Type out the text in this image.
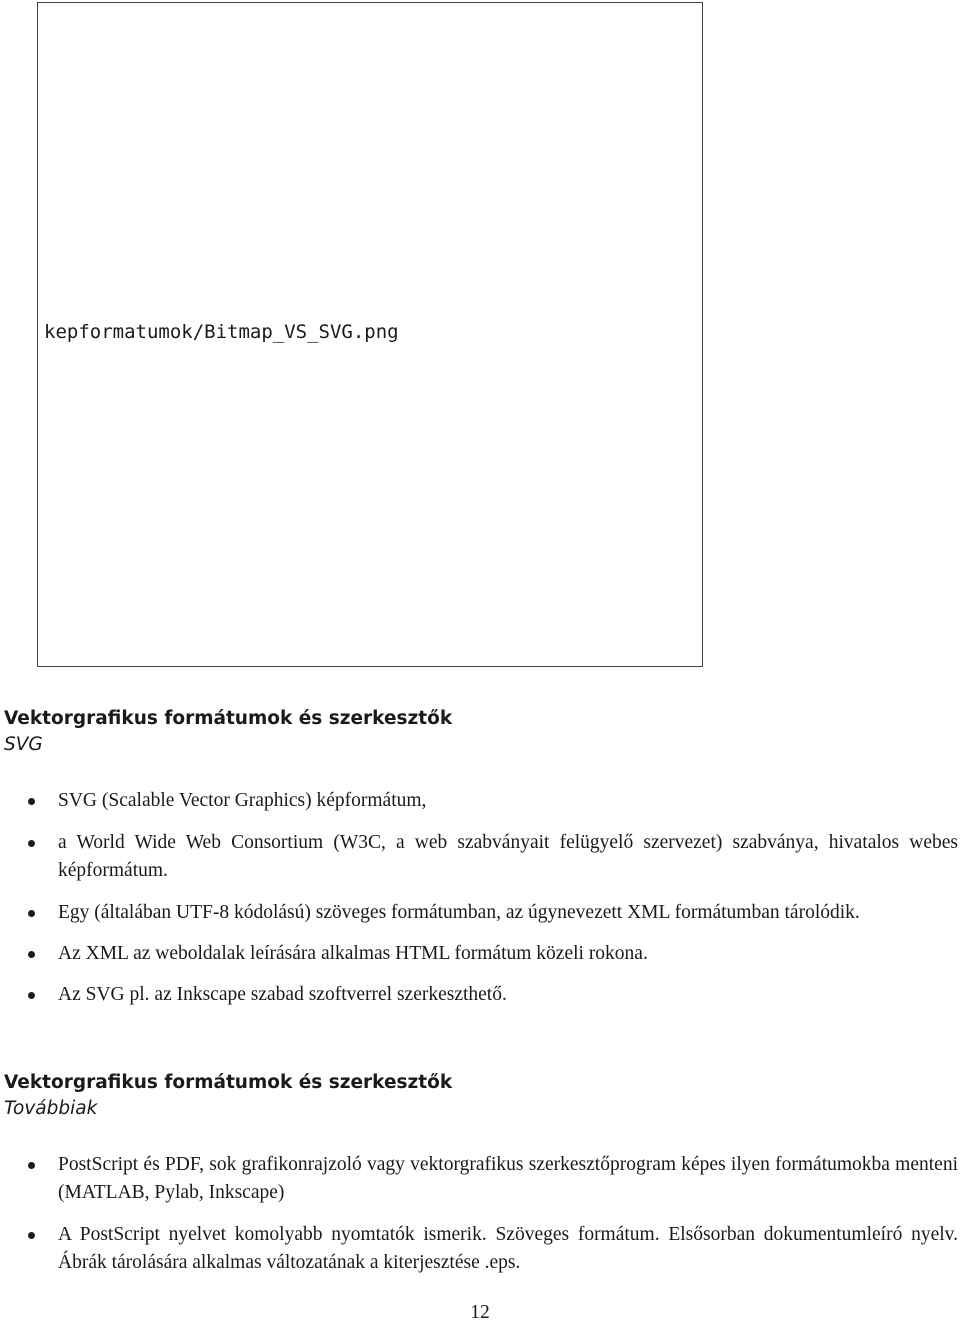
kepformatumok/Bitmap_VS_SVG.png
Vektorgrafikus formátumok és szerkesztők
SVG
SVG (Scalable Vector Graphics) képformátum,
a World Wide Web Consortium (W3C, a web szabványait felügyelő szervezet) szabványa, hivatalos webes képformátum.
Egy (általában UTF-8 kódolású) szöveges formátumban, az úgynevezett XML formátumban tárolódik.
Az XML az weboldalak leírására alkalmas HTML formátum közeli rokona.
Az SVG pl. az Inkscape szabad szoftverrel szerkeszthető.
Vektorgrafikus formátumok és szerkesztők
Továbbiak
PostScript és PDF, sok grafikonrajzoló vagy vektorgrafikus szerkesztőprogram képes ilyen formátumokba menteni (MATLAB, Pylab, Inkscape)
A PostScript nyelvet komolyabb nyomtatók ismerik. Szöveges formátum. Elsősorban dokumentumleíró nyelv. Ábrák tárolására alkalmas változatának a kiterjesztése .eps.
12
